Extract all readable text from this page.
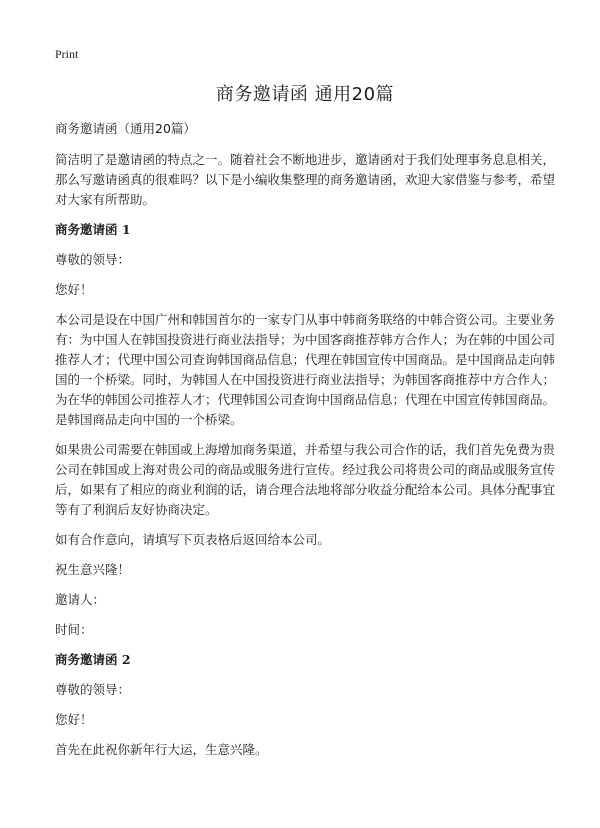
Print
商务邀请函 通用20篇
商务邀请函（通用20篇）
简洁明了是邀请函的特点之一。随着社会不断地进步，邀请函对于我们处理事务息息相关，那么写邀请函真的很难吗？以下是小编收集整理的商务邀请函，欢迎大家借鉴与参考，希望对大家有所帮助。
商务邀请函 1
尊敬的领导：
您好！
本公司是设在中国广州和韩国首尔的一家专门从事中韩商务联络的中韩合资公司。主要业务有：为中国人在韩国投资进行商业法指导；为中国客商推荐韩方合作人；为在韩的中国公司推荐人才；代理中国公司查询韩国商品信息；代理在韩国宣传中国商品。是中国商品走向韩国的一个桥梁。同时，为韩国人在中国投资进行商业法指导；为韩国客商推荐中方合作人；为在华的韩国公司推荐人才；代理韩国公司查询中国商品信息；代理在中国宣传韩国商品。是韩国商品走向中国的一个桥梁。
如果贵公司需要在韩国或上海增加商务渠道，并希望与我公司合作的话，我们首先免费为贵公司在韩国或上海对贵公司的商品或服务进行宣传。经过我公司将贵公司的商品或服务宣传后，如果有了相应的商业利润的话，请合理合法地将部分收益分配给本公司。具体分配事宜等有了利润后友好协商决定。
如有合作意向，请填写下页表格后返回给本公司。
祝生意兴隆！
邀请人：
时间：
商务邀请函 2
尊敬的领导：
您好！
首先在此祝你新年行大运，生意兴隆。
